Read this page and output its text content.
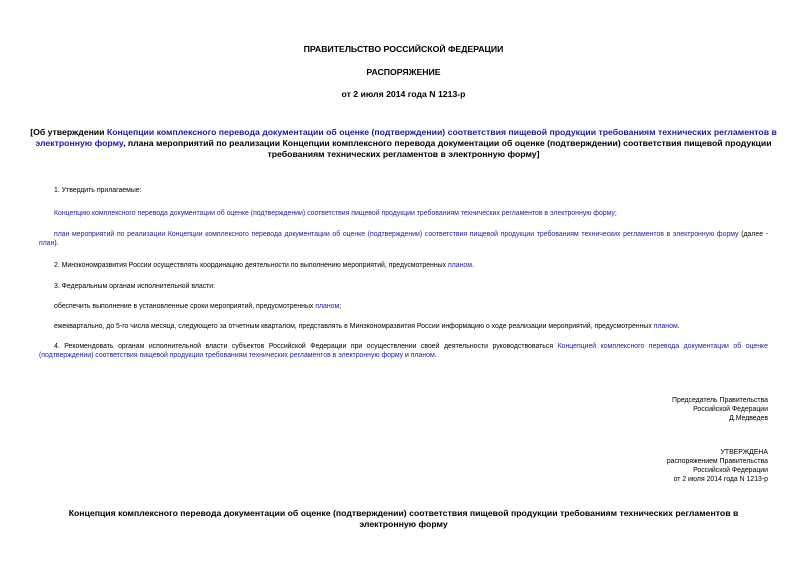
ПРАВИТЕЛЬСТВО РОССИЙСКОЙ ФЕДЕРАЦИИ
РАСПОРЯЖЕНИЕ
от 2 июля 2014 года N 1213-р
[Об утверждении Концепции комплексного перевода документации об оценке (подтверждении) соответствия пищевой продукции требованиям технических регламентов в электронную форму, плана мероприятий по реализации Концепции комплексного перевода документации об оценке (подтверждении) соответствия пищевой продукции требованиям технических регламентов в электронную форму]
1. Утвердить прилагаемые:
Концепцию комплексного перевода документации об оценке (подтверждении) соответствия пищевой продукции требованиям технических регламентов в электронную форму;
план мероприятий по реализации Концепции комплексного перевода документации об оценке (подтверждении) соответствия пищевой продукции требованиям технических регламентов в электронную форму (далее - план).
2. Минэкономразвития России осуществлять координацию деятельности по выполнению мероприятий, предусмотренных планом.
3. Федеральным органам исполнительной власти:
обеспечить выполнение в установленные сроки мероприятий, предусмотренных планом;
ежеквартально, до 5-го числа месяца, следующего за отчетным кварталом, представлять в Минэкономразвития России информацию о ходе реализации мероприятий, предусмотренных планом.
4. Рекомендовать органам исполнительной власти субъектов Российской Федерации при осуществлении своей деятельности руководствоваться Концепцией комплексного перевода документации об оценке (подтверждении) соответствия пищевой продукции требованиям технических регламентов в электронную форму и планом.
Председатель Правительства
Российской Федерации
Д.Медведев
УТВЕРЖДЕНА
распоряжением Правительства
Российской Федерации
от 2 июля 2014 года N 1213-р
Концепция комплексного перевода документации об оценке (подтверждении) соответствия пищевой продукции требованиям технических регламентов в электронную форму
